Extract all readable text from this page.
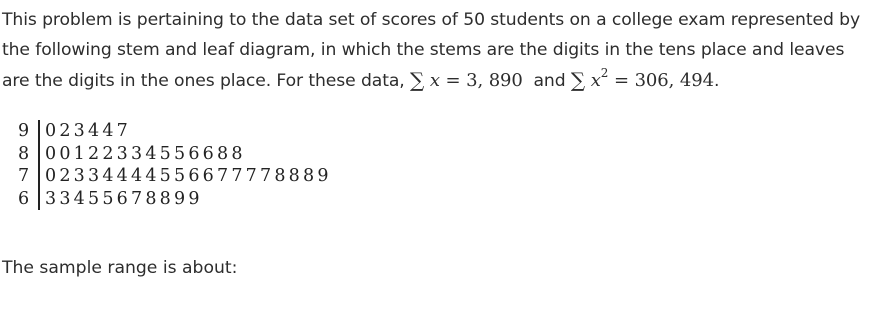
This problem is pertaining to the data set of scores of 50 students on a college exam represented by
the following stem and leaf diagram, in which the stems are the digits in the tens place and leaves
are the digits in the ones place. For these data, ∑ x = 3, 890 and ∑ $x^2 = 306$, 494.
9 023447
8 00122334556688
7 02334444556677778889
6 33455678899

The sample range is about:
